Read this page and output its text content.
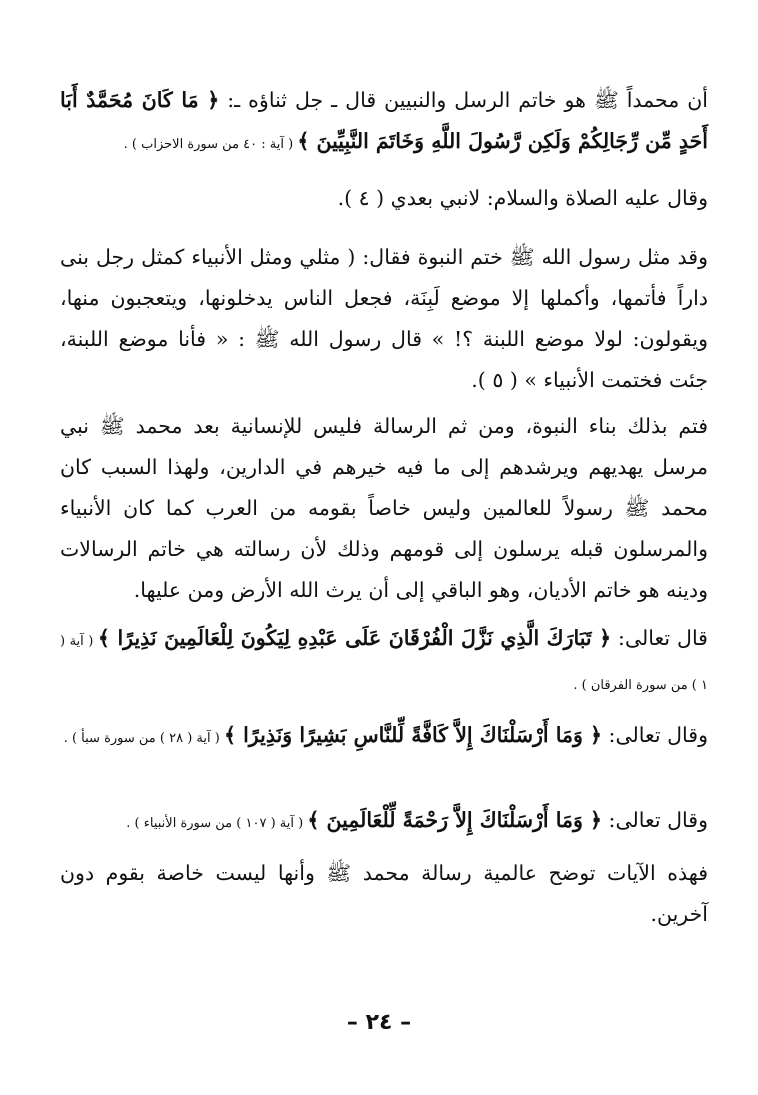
أن محمداً ﷺ هو خاتم الرسل والنبيين قال ـ جل ثناؤه ـ: ﴿ مَا كَانَ مُحَمَّدٌ أَبَا أَحَدٍ مِّن رِّجَالِكُمْ وَلَكِن رَّسُولَ اللَّهِ وَخَاتَمَ النَّبِيِّينَ ﴾ ( آية : ٤٠ من سورة الاحزاب ) .

وقال عليه الصلاة والسلام: لانبي بعدي ( ٤ ).

وقد مثل رسول الله ﷺ ختم النبوة فقال: ( مثلي ومثل الأنبياء كمثل رجل بنى داراً فأتمها، وأكملها إلا موضع لَبِنَة، فجعل الناس يدخلونها، ويتعجبون منها، ويقولون: لولا موضع اللبنة ؟! » قال رسول الله ﷺ : « فأنا موضع اللبنة، جئت فختمت الأنبياء » ( ٥ ).

فتم بذلك بناء النبوة، ومن ثم الرسالة فليس للإنسانية بعد محمد ﷺ نبي مرسل يهديهم ويرشدهم إلى ما فيه خيرهم في الدارين، ولهذا السبب كان محمد ﷺ رسولاً للعالمين وليس خاصاً بقومه من العرب كما كان الأنبياء والمرسلون قبله يرسلون إلى قومهم وذلك لأن رسالته هي خاتم الرسالات ودينه هو خاتم الأديان، وهو الباقي إلى أن يرث الله الأرض ومن عليها.

قال تعالى: ﴿ تَبَارَكَ الَّذِي نَزَّلَ الْفُرْقَانَ عَلَى عَبْدِهِ لِيَكُونَ لِلْعَالَمِينَ نَذِيرًا ﴾ ( آية ( ١ ) من سورة الفرقان ) .

وقال تعالى: ﴿ وَمَا أَرْسَلْنَاكَ إِلاَّ كَافَّةً لِّلنَّاسِ بَشِيرًا وَنَذِيرًا ﴾ ( آية ( ٢٨ ) من سورة سبأ ) .

وقال تعالى: ﴿ وَمَا أَرْسَلْنَاكَ إِلاَّ رَحْمَةً لِّلْعَالَمِينَ ﴾ ( آية ( ١٠٧ ) من سورة الأنبياء ) .

فهذه الآيات توضح عالمية رسالة محمد ﷺ وأنها ليست خاصة بقوم دون آخرين.

– ٢٤ –
